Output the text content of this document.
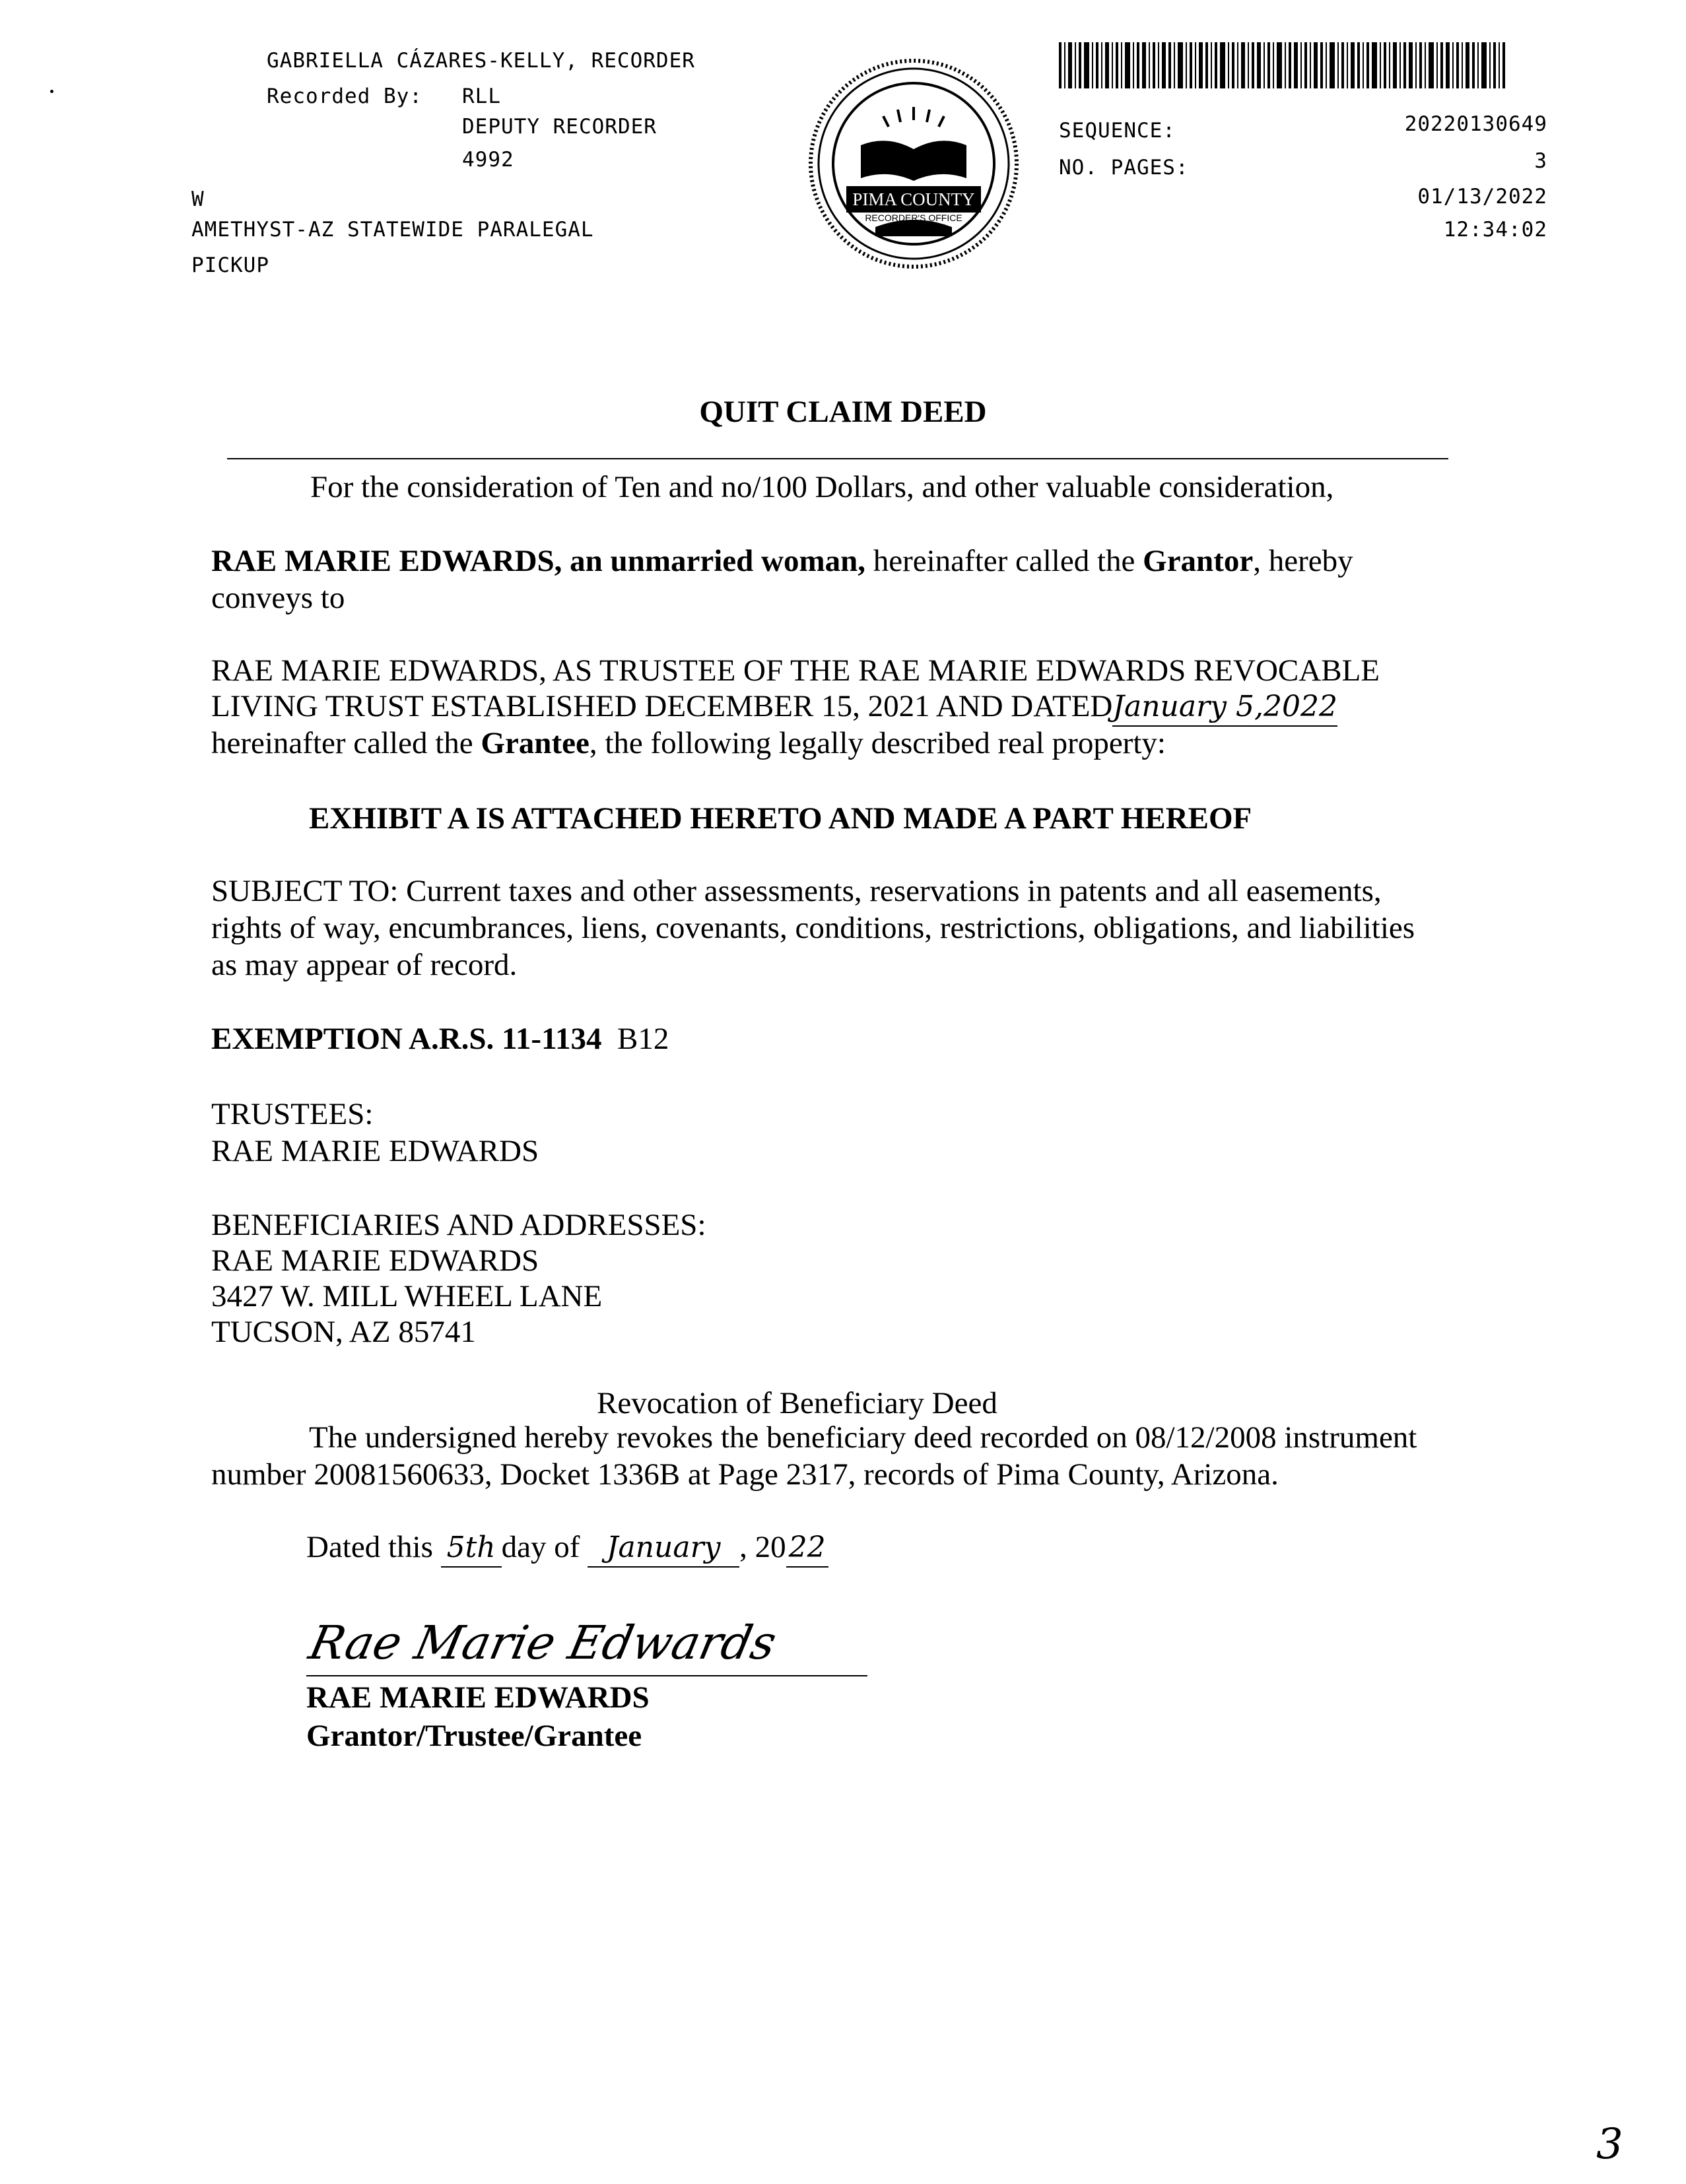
GABRIELLA CÁZARES-KELLY, RECORDER
Recorded By: RLL
DEPUTY RECORDER
4992
W
AMETHYST-AZ STATEWIDE PARALEGAL
PICKUP
PIMA COUNTY
RECORDER'S OFFICE
SEQUENCE:	20220130649
NO. PAGES:	3
01/13/2022
12:34:02
QUIT CLAIM DEED
For the consideration of Ten and no/100 Dollars, and other valuable consideration,
RAE MARIE EDWARDS, an unmarried woman, hereinafter called the Grantor, hereby
conveys to
RAE MARIE EDWARDS, AS TRUSTEE OF THE RAE MARIE EDWARDS REVOCABLE
LIVING TRUST ESTABLISHED DECEMBER 15, 2021 AND DATEDJanuary 5,2022
hereinafter called the Grantee, the following legally described real property:
EXHIBIT A IS ATTACHED HERETO AND MADE A PART HEREOF
SUBJECT TO: Current taxes and other assessments, reservations in patents and all easements,
rights of way, encumbrances, liens, covenants, conditions, restrictions, obligations, and liabilities
as may appear of record.
EXEMPTION A.R.S. 11-1134 B12
TRUSTEES:
RAE MARIE EDWARDS
BENEFICIARIES AND ADDRESSES:
RAE MARIE EDWARDS
3427 W. MILL WHEEL LANE
TUCSON, AZ 85741
Revocation of Beneficiary Deed
The undersigned hereby revokes the beneficiary deed recorded on 08/12/2008 instrument
number 20081560633, Docket 1336B at Page 2317, records of Pima County, Arizona.
Dated this 5th day of January , 2022
Rae Marie Edwards
RAE MARIE EDWARDS
Grantor/Trustee/Grantee
3
